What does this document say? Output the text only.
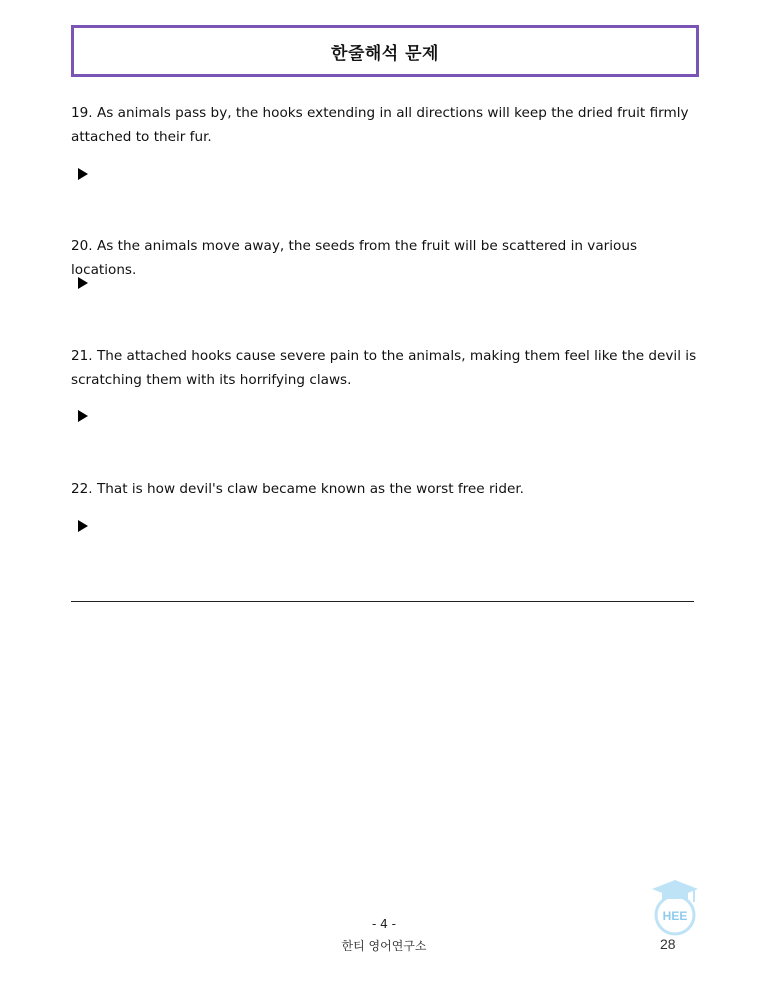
한줄해석 문제
19. As animals pass by, the hooks extending in all directions will keep the dried fruit firmly attached to their fur.
20. As the animals move away, the seeds from the fruit will be scattered in various locations.
21. The attached hooks cause severe pain to the animals, making them feel like the devil is scratching them with its horrifying claws.
22. That is how devil's claw became known as the worst free rider.
- 4 -
한티 영어연구소	28
HEE
